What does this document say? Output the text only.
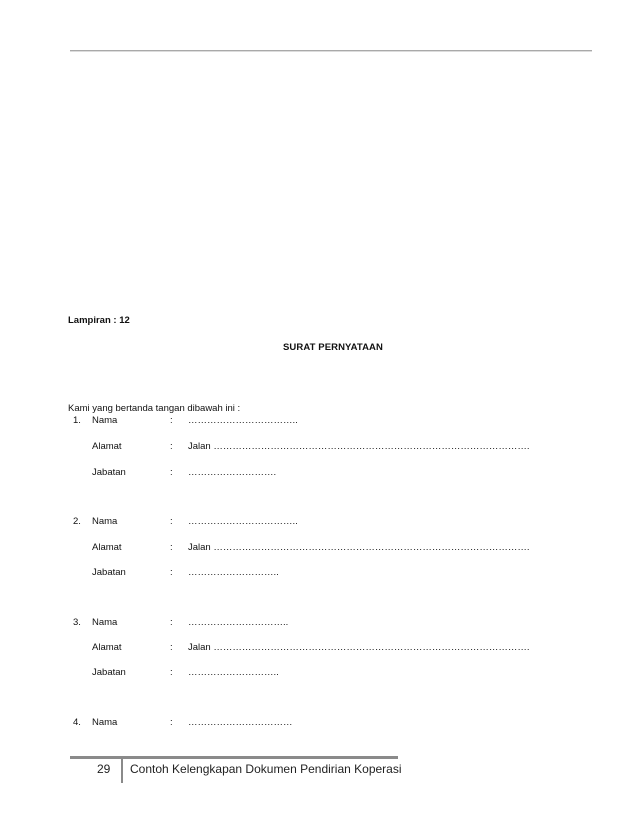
Lampiran : 12
SURAT PERNYATAAN
Kami yang bertanda tangan dibawah ini :
1. Nama	: ……………………………..
Alamat	: Jalan ……………………………………………………………………………………….
Jabatan	: ……………………….
2. Nama	: ……………………………..
Alamat	: Jalan ……………………………………………………………………………………….
Jabatan	: ………………………..
3. Nama	: …………………………..
Alamat	: Jalan ……………………………………………………………………………………….
Jabatan	: ………………………..
4. Nama	: ……………………………
29 Contoh Kelengkapan Dokumen Pendirian Koperasi
